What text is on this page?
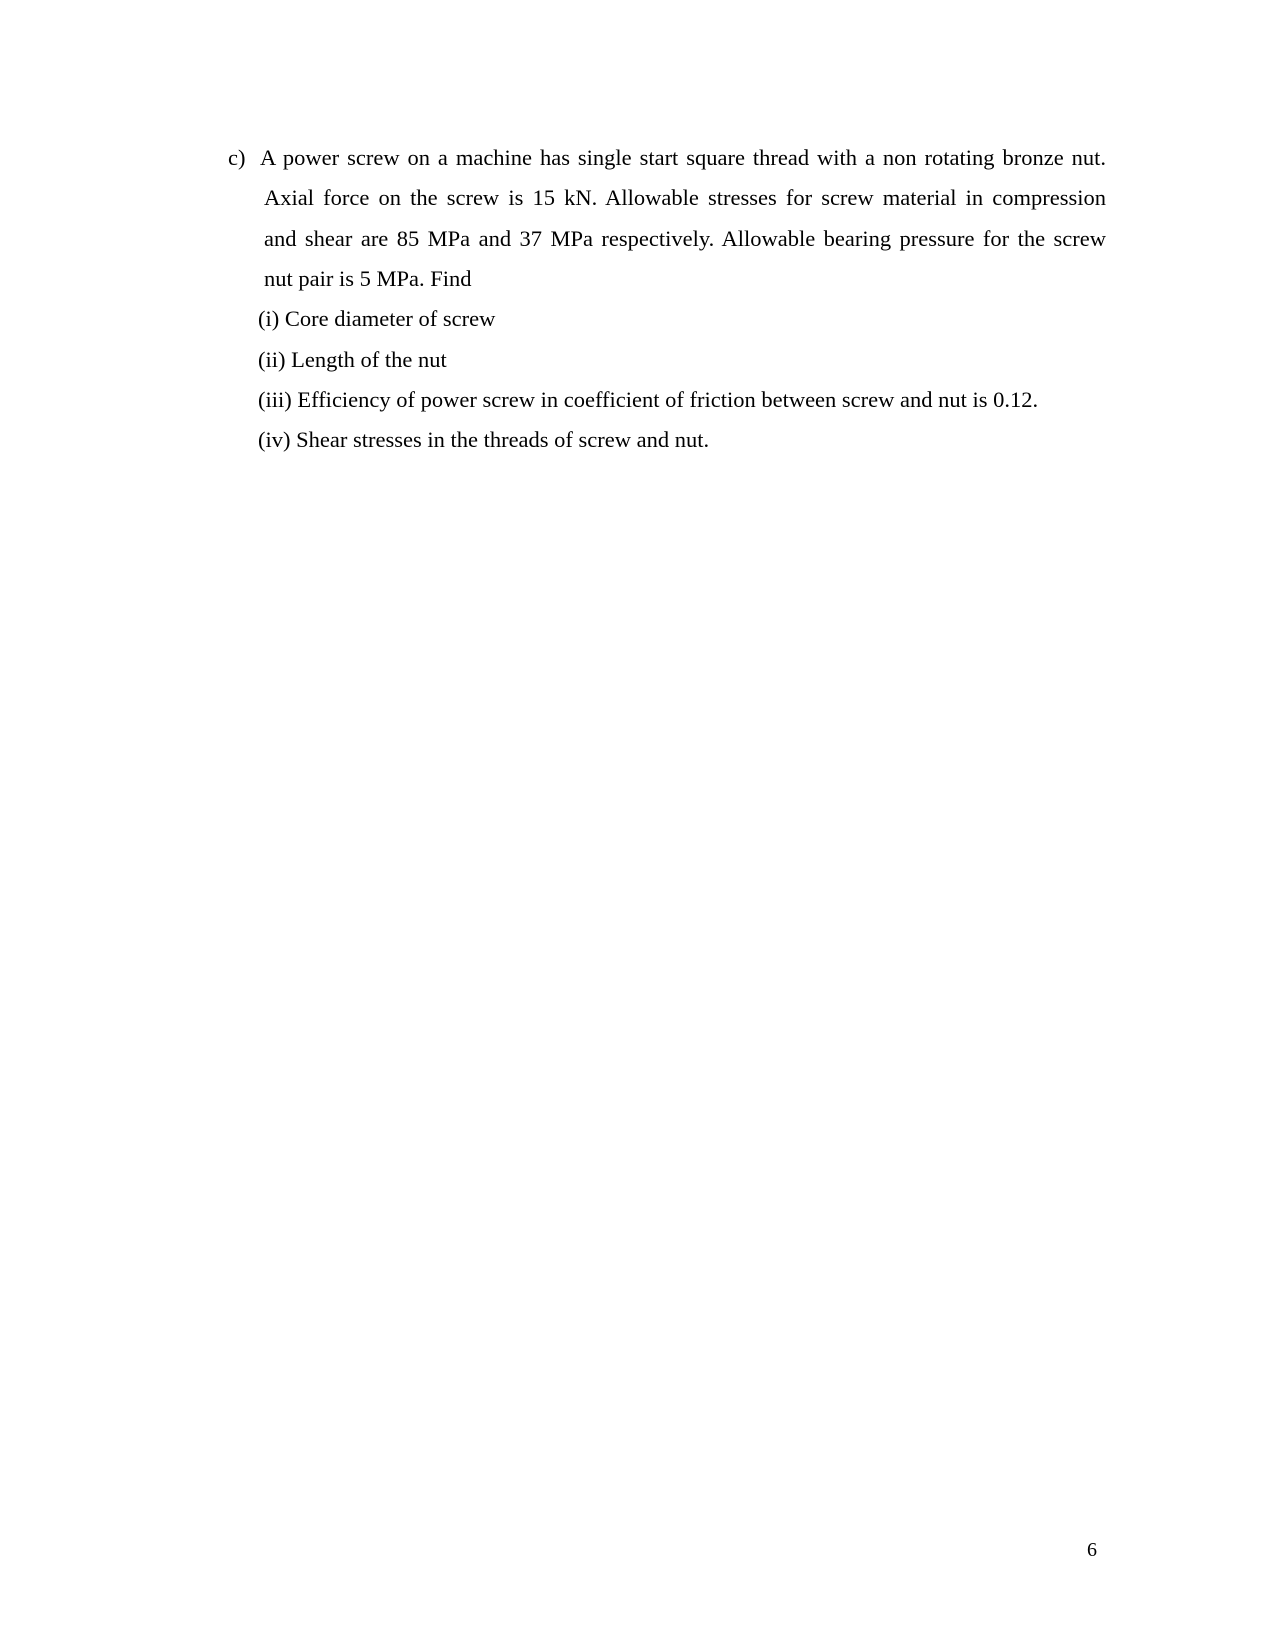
c) A power screw on a machine has single start square thread with a non rotating bronze nut.
Axial force on the screw is 15 kN. Allowable stresses for screw material in compression
and shear are 85 MPa and 37 MPa respectively. Allowable bearing pressure for the screw
nut pair is 5 MPa. Find
(i) Core diameter of screw
(ii) Length of the nut
(iii) Efficiency of power screw in coefficient of friction between screw and nut is 0.12.
(iv) Shear stresses in the threads of screw and nut.
6
